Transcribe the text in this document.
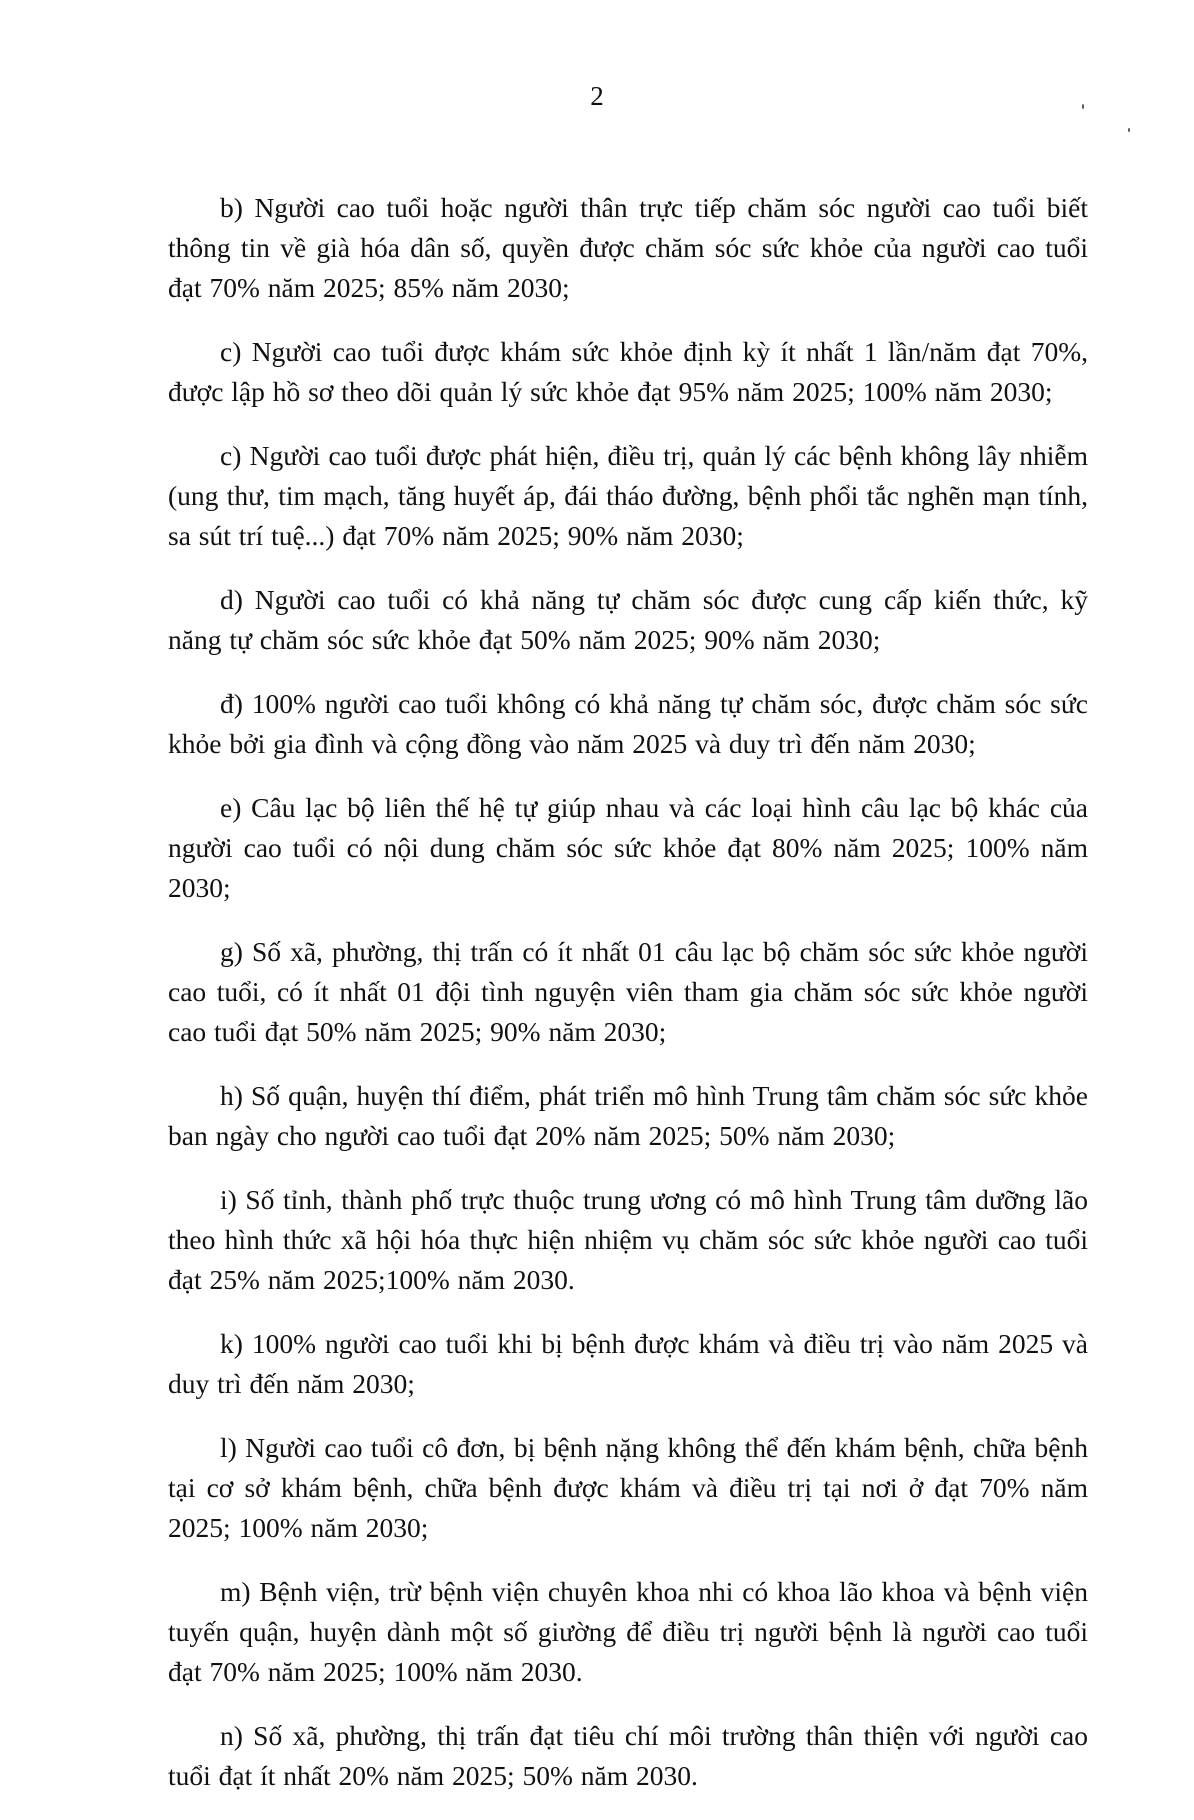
2

b) Người cao tuổi hoặc người thân trực tiếp chăm sóc người cao tuổi biết thông tin về già hóa dân số, quyền được chăm sóc sức khỏe của người cao tuổi đạt 70% năm 2025; 85% năm 2030;

c) Người cao tuổi được khám sức khỏe định kỳ ít nhất 1 lần/năm đạt 70%, được lập hồ sơ theo dõi quản lý sức khỏe đạt 95% năm 2025; 100% năm 2030;

c) Người cao tuổi được phát hiện, điều trị, quản lý các bệnh không lây nhiễm (ung thư, tim mạch, tăng huyết áp, đái tháo đường, bệnh phổi tắc nghẽn mạn tính, sa sút trí tuệ...) đạt 70% năm 2025; 90% năm 2030;

d) Người cao tuổi có khả năng tự chăm sóc được cung cấp kiến thức, kỹ năng tự chăm sóc sức khỏe đạt 50% năm 2025; 90% năm 2030;

đ) 100% người cao tuổi không có khả năng tự chăm sóc, được chăm sóc sức khỏe bởi gia đình và cộng đồng vào năm 2025 và duy trì đến năm 2030;

e) Câu lạc bộ liên thế hệ tự giúp nhau và các loại hình câu lạc bộ khác của người cao tuổi có nội dung chăm sóc sức khỏe đạt 80% năm 2025; 100% năm 2030;

g) Số xã, phường, thị trấn có ít nhất 01 câu lạc bộ chăm sóc sức khỏe người cao tuổi, có ít nhất 01 đội tình nguyện viên tham gia chăm sóc sức khỏe người cao tuổi đạt 50% năm 2025; 90% năm 2030;

h) Số quận, huyện thí điểm, phát triển mô hình Trung tâm chăm sóc sức khỏe ban ngày cho người cao tuổi đạt 20% năm 2025; 50% năm 2030;

i) Số tỉnh, thành phố trực thuộc trung ương có mô hình Trung tâm dưỡng lão theo hình thức xã hội hóa thực hiện nhiệm vụ chăm sóc sức khỏe người cao tuổi đạt 25% năm 2025;100% năm 2030.

k) 100% người cao tuổi khi bị bệnh được khám và điều trị vào năm 2025 và duy trì đến năm 2030;

l) Người cao tuổi cô đơn, bị bệnh nặng không thể đến khám bệnh, chữa bệnh tại cơ sở khám bệnh, chữa bệnh được khám và điều trị tại nơi ở đạt 70% năm 2025; 100% năm 2030;

m) Bệnh viện, trừ bệnh viện chuyên khoa nhi có khoa lão khoa và bệnh viện tuyến quận, huyện dành một số giường để điều trị người bệnh là người cao tuổi đạt 70% năm 2025; 100% năm 2030.

n) Số xã, phường, thị trấn đạt tiêu chí môi trường thân thiện với người cao tuổi đạt ít nhất 20% năm 2025; 50% năm 2030.
